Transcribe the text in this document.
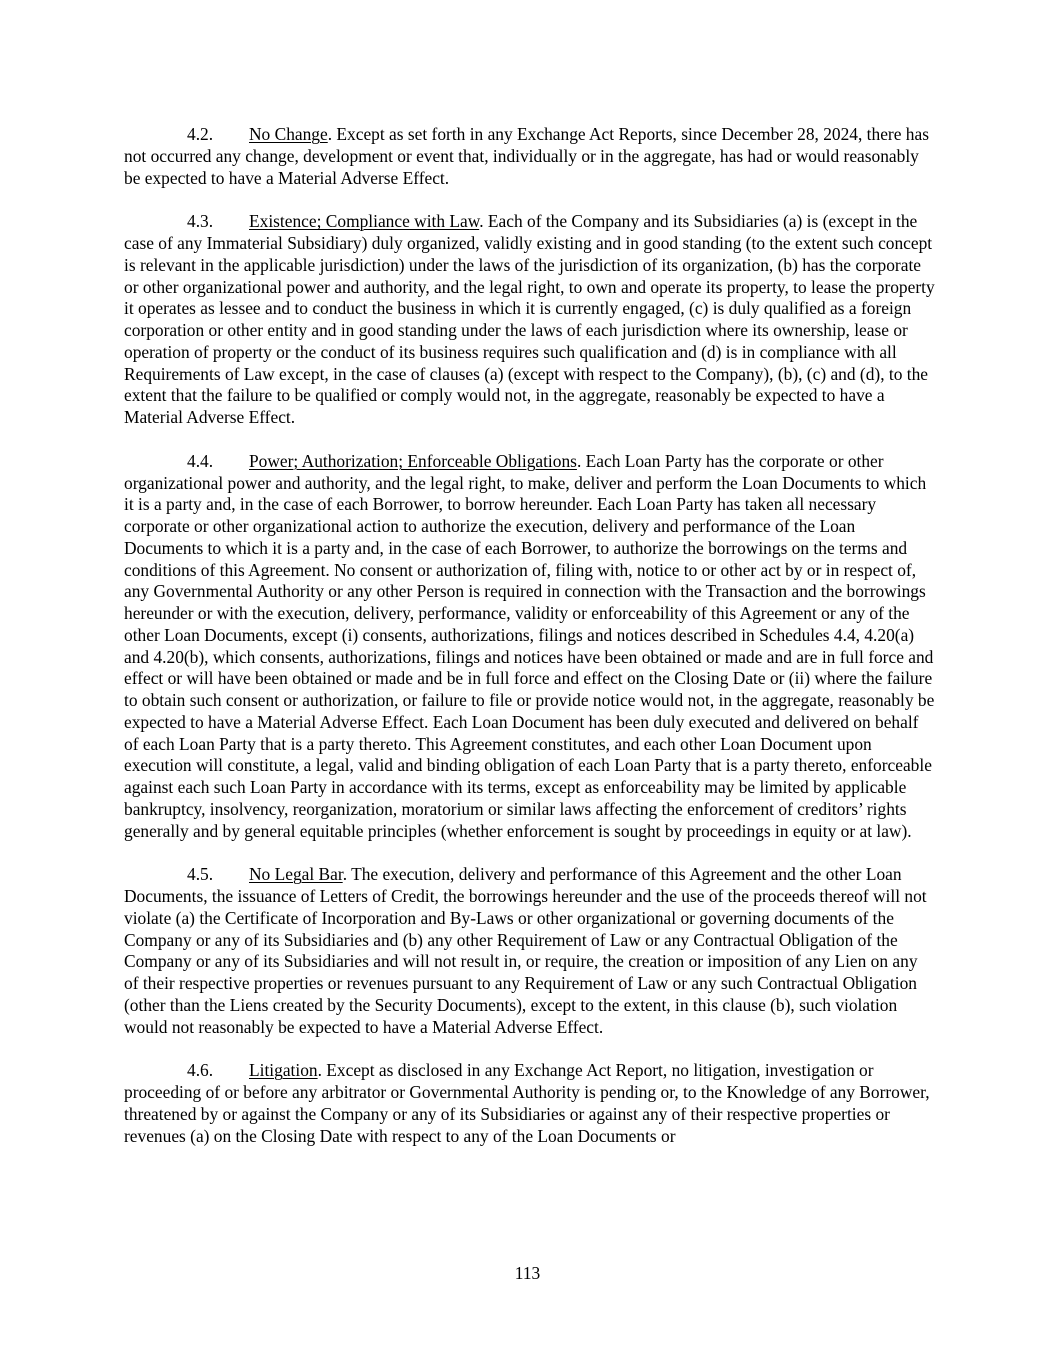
4.2. No Change. Except as set forth in any Exchange Act Reports, since December 28, 2024, there has not occurred any change, development or event that, individually or in the aggregate, has had or would reasonably be expected to have a Material Adverse Effect.

4.3. Existence; Compliance with Law. Each of the Company and its Subsidiaries (a) is (except in the case of any Immaterial Subsidiary) duly organized, validly existing and in good standing (to the extent such concept is relevant in the applicable jurisdiction) under the laws of the jurisdiction of its organization, (b) has the corporate or other organizational power and authority, and the legal right, to own and operate its property, to lease the property it operates as lessee and to conduct the business in which it is currently engaged, (c) is duly qualified as a foreign corporation or other entity and in good standing under the laws of each jurisdiction where its ownership, lease or operation of property or the conduct of its business requires such qualification and (d) is in compliance with all Requirements of Law except, in the case of clauses (a) (except with respect to the Company), (b), (c) and (d), to the extent that the failure to be qualified or comply would not, in the aggregate, reasonably be expected to have a Material Adverse Effect.

4.4. Power; Authorization; Enforceable Obligations. Each Loan Party has the corporate or other organizational power and authority, and the legal right, to make, deliver and perform the Loan Documents to which it is a party and, in the case of each Borrower, to borrow hereunder. Each Loan Party has taken all necessary corporate or other organizational action to authorize the execution, delivery and performance of the Loan Documents to which it is a party and, in the case of each Borrower, to authorize the borrowings on the terms and conditions of this Agreement. No consent or authorization of, filing with, notice to or other act by or in respect of, any Governmental Authority or any other Person is required in connection with the Transaction and the borrowings hereunder or with the execution, delivery, performance, validity or enforceability of this Agreement or any of the other Loan Documents, except (i) consents, authorizations, filings and notices described in Schedules 4.4, 4.20(a) and 4.20(b), which consents, authorizations, filings and notices have been obtained or made and are in full force and effect or will have been obtained or made and be in full force and effect on the Closing Date or (ii) where the failure to obtain such consent or authorization, or failure to file or provide notice would not, in the aggregate, reasonably be expected to have a Material Adverse Effect. Each Loan Document has been duly executed and delivered on behalf of each Loan Party that is a party thereto. This Agreement constitutes, and each other Loan Document upon execution will constitute, a legal, valid and binding obligation of each Loan Party that is a party thereto, enforceable against each such Loan Party in accordance with its terms, except as enforceability may be limited by applicable bankruptcy, insolvency, reorganization, moratorium or similar laws affecting the enforcement of creditors’ rights generally and by general equitable principles (whether enforcement is sought by proceedings in equity or at law).

4.5. No Legal Bar. The execution, delivery and performance of this Agreement and the other Loan Documents, the issuance of Letters of Credit, the borrowings hereunder and the use of the proceeds thereof will not violate (a) the Certificate of Incorporation and By-Laws or other organizational or governing documents of the Company or any of its Subsidiaries and (b) any other Requirement of Law or any Contractual Obligation of the Company or any of its Subsidiaries and will not result in, or require, the creation or imposition of any Lien on any of their respective properties or revenues pursuant to any Requirement of Law or any such Contractual Obligation (other than the Liens created by the Security Documents), except to the extent, in this clause (b), such violation would not reasonably be expected to have a Material Adverse Effect.

4.6. Litigation. Except as disclosed in any Exchange Act Report, no litigation, investigation or proceeding of or before any arbitrator or Governmental Authority is pending or, to the Knowledge of any Borrower, threatened by or against the Company or any of its Subsidiaries or against any of their respective properties or revenues (a) on the Closing Date with respect to any of the Loan Documents or

113
